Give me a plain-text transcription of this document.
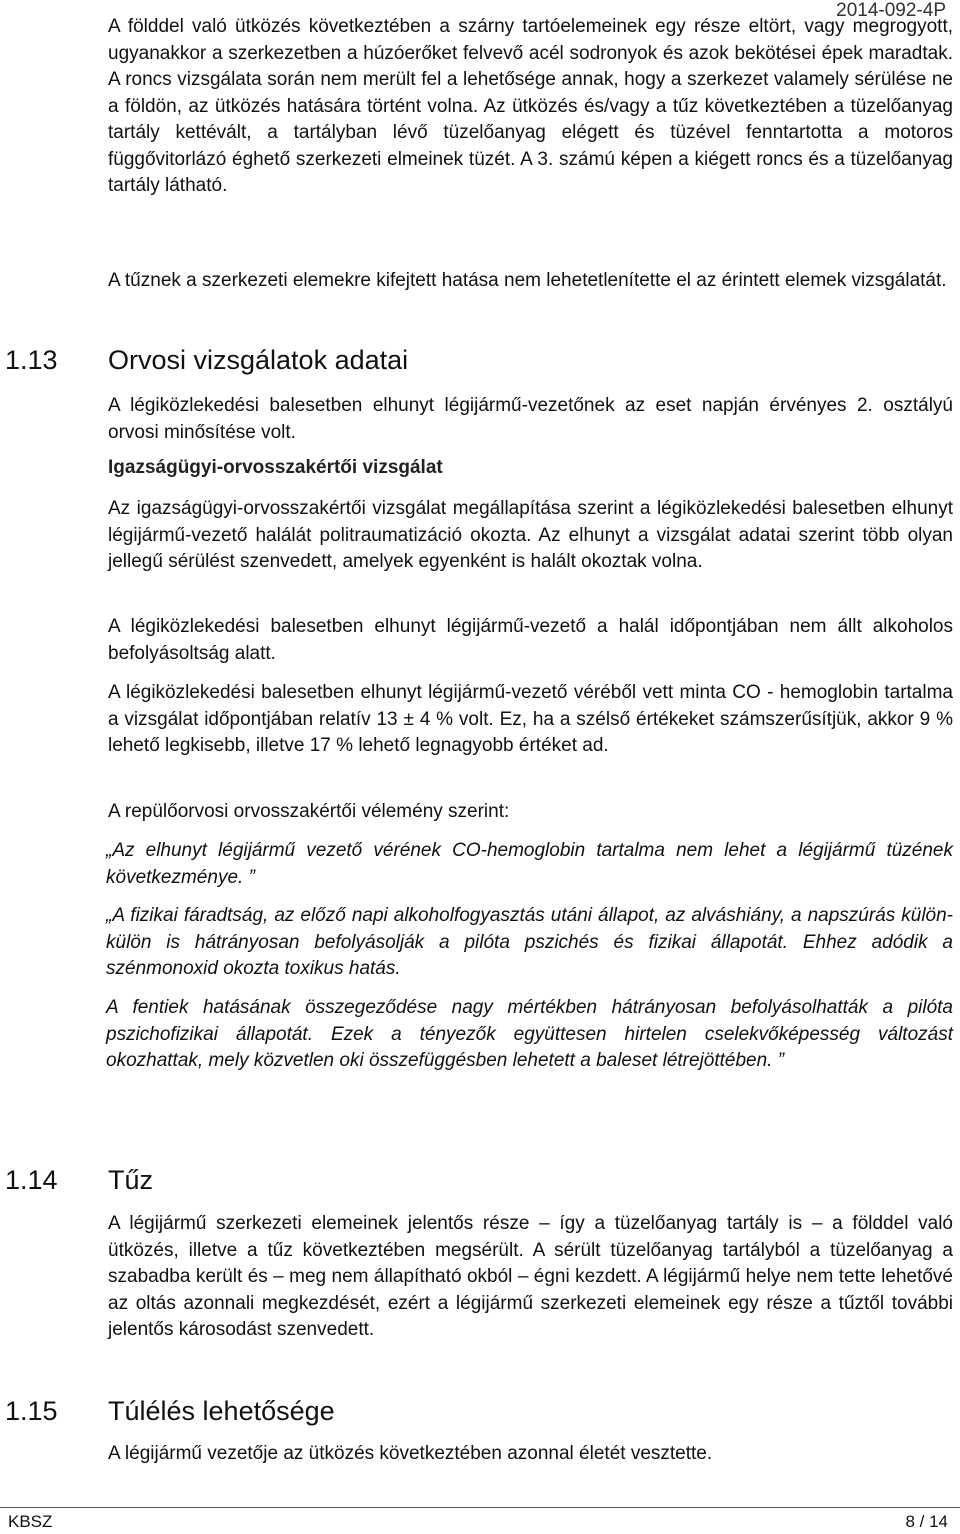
2014-092-4P

A földdel való ütközés következtében a szárny tartóelemeinek egy része eltört, vagy megrogyott, ugyanakkor a szerkezetben a húzóerőket felvevő acél sodronyok és azok bekötései épek maradtak. A roncs vizsgálata során nem merült fel a lehetősége annak, hogy a szerkezet valamely sérülése ne a földön, az ütközés hatására történt volna. Az ütközés és/vagy a tűz következtében a tüzelőanyag tartály kettévált, a tartályban lévő tüzelőanyag elégett és tüzével fenntartotta a motoros függővitorlázó éghető szerkezeti elmeinek tüzét. A 3. számú képen a kiégett roncs és a tüzelőanyag tartály látható.

A tűznek a szerkezeti elemekre kifejtett hatása nem lehetetlenítette el az érintett elemek vizsgálatát.

1.13 Orvosi vizsgálatok adatai

A légiközlekedési balesetben elhunyt légijármű-vezetőnek az eset napján érvényes 2. osztályú orvosi minősítése volt.

Igazságügyi-orvosszakértői vizsgálat

Az igazságügyi-orvosszakértői vizsgálat megállapítása szerint a légiközlekedési balesetben elhunyt légijármű-vezető halálát politraumatizáció okozta. Az elhunyt a vizsgálat adatai szerint több olyan jellegű sérülést szenvedett, amelyek egyenként is halált okoztak volna.

A légiközlekedési balesetben elhunyt légijármű-vezető a halál időpontjában nem állt alkoholos befolyásoltság alatt.

A légiközlekedési balesetben elhunyt légijármű-vezető véréből vett minta CO - hemoglobin tartalma a vizsgálat időpontjában relatív 13 ± 4 % volt. Ez, ha a szélső értékeket számszerűsítjük, akkor 9 % lehető legkisebb, illetve 17 % lehető legnagyobb értéket ad.

A repülőorvosi orvosszakértői vélemény szerint:

„Az elhunyt légijármű vezető vérének CO-hemoglobin tartalma nem lehet a légijármű tüzének következménye. ”

„A fizikai fáradtság, az előző napi alkoholfogyasztás utáni állapot, az alváshiány, a napszúrás külön-külön is hátrányosan befolyásolják a pilóta pszichés és fizikai állapotát. Ehhez adódik a szénmonoxid okozta toxikus hatás.

A fentiek hatásának összegeződése nagy mértékben hátrányosan befolyásolhatták a pilóta pszichofizikai állapotát. Ezek a tényezők együttesen hirtelen cselekvőképesség változást okozhattak, mely közvetlen oki összefüggésben lehetett a baleset létrejöttében. ”

1.14 Tűz

A légijármű szerkezeti elemeinek jelentős része – így a tüzelőanyag tartály is – a földdel való ütközés, illetve a tűz következtében megsérült. A sérült tüzelőanyag tartályból a tüzelőanyag a szabadba került és – meg nem állapítható okból – égni kezdett. A légijármű helye nem tette lehetővé az oltás azonnali megkezdését, ezért a légijármű szerkezeti elemeinek egy része a tűztől további jelentős károsodást szenvedett.

1.15 Túlélés lehetősége

A légijármű vezetője az ütközés következtében azonnal életét vesztette.

KBSZ	8 / 14
